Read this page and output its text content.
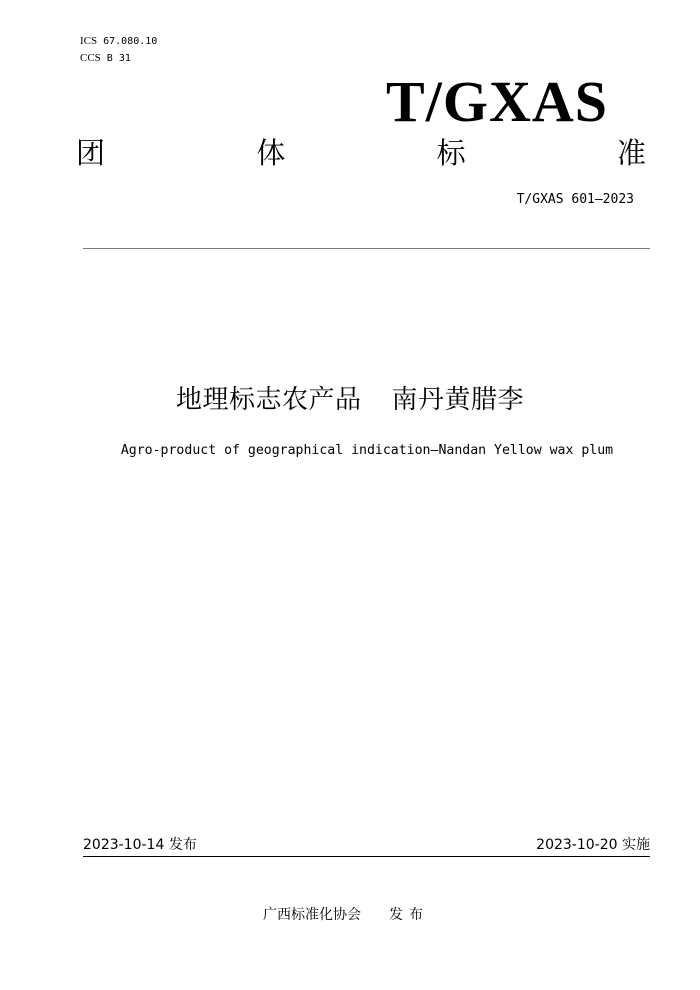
ICS 67.080.10
CCS B 31
T/GXAS
团	体	标	准
T/GXAS 601—2023
地理标志农产品 南丹黄腊李
Agro-product of geographical indication—Nandan Yellow wax plum
2023-10-14 发布	2023-10-20 实施
广西标准化协会 发布
